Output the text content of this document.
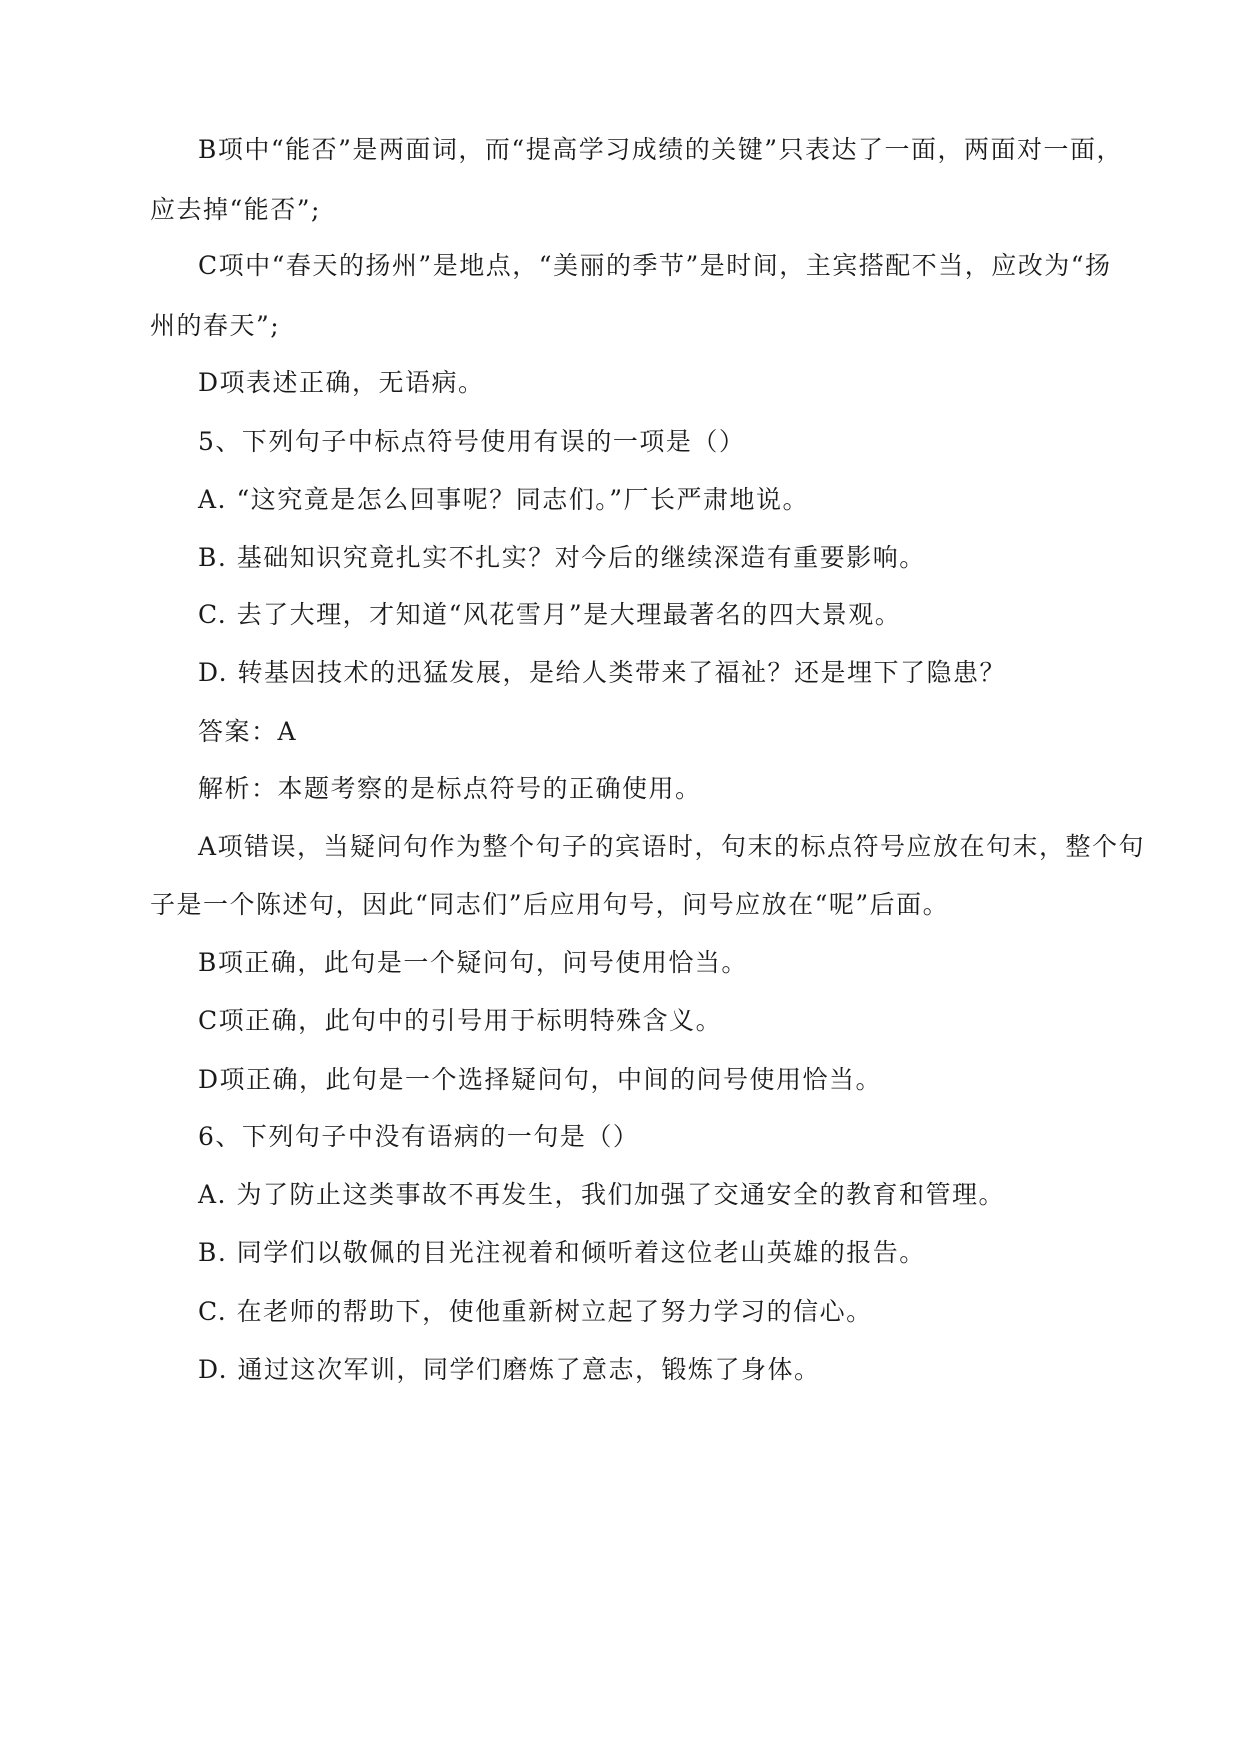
B项中“能否”是两面词，而“提高学习成绩的关键”只表达了一面，两面对一面，
应去掉“能否”;
C项中“春天的扬州”是地点，“美丽的季节”是时间，主宾搭配不当，应改为“扬
州的春天”;
D项表述正确，无语病。
5、下列句子中标点符号使用有误的一项是（）
A. “这究竟是怎么回事呢？同志们。”厂长严肃地说。
B. 基础知识究竟扎实不扎实？对今后的继续深造有重要影响。
C. 去了大理，才知道“风花雪月”是大理最著名的四大景观。
D. 转基因技术的迅猛发展，是给人类带来了福祉？还是埋下了隐患？
答案：A
解析：本题考察的是标点符号的正确使用。
A项错误，当疑问句作为整个句子的宾语时，句末的标点符号应放在句末，整个句
子是一个陈述句，因此“同志们”后应用句号，问号应放在“呢”后面。
B项正确，此句是一个疑问句，问号使用恰当。
C项正确，此句中的引号用于标明特殊含义。
D项正确，此句是一个选择疑问句，中间的问号使用恰当。
6、下列句子中没有语病的一句是（）
A. 为了防止这类事故不再发生，我们加强了交通安全的教育和管理。
B. 同学们以敬佩的目光注视着和倾听着这位老山英雄的报告。
C. 在老师的帮助下，使他重新树立起了努力学习的信心。
D. 通过这次军训，同学们磨炼了意志，锻炼了身体。
